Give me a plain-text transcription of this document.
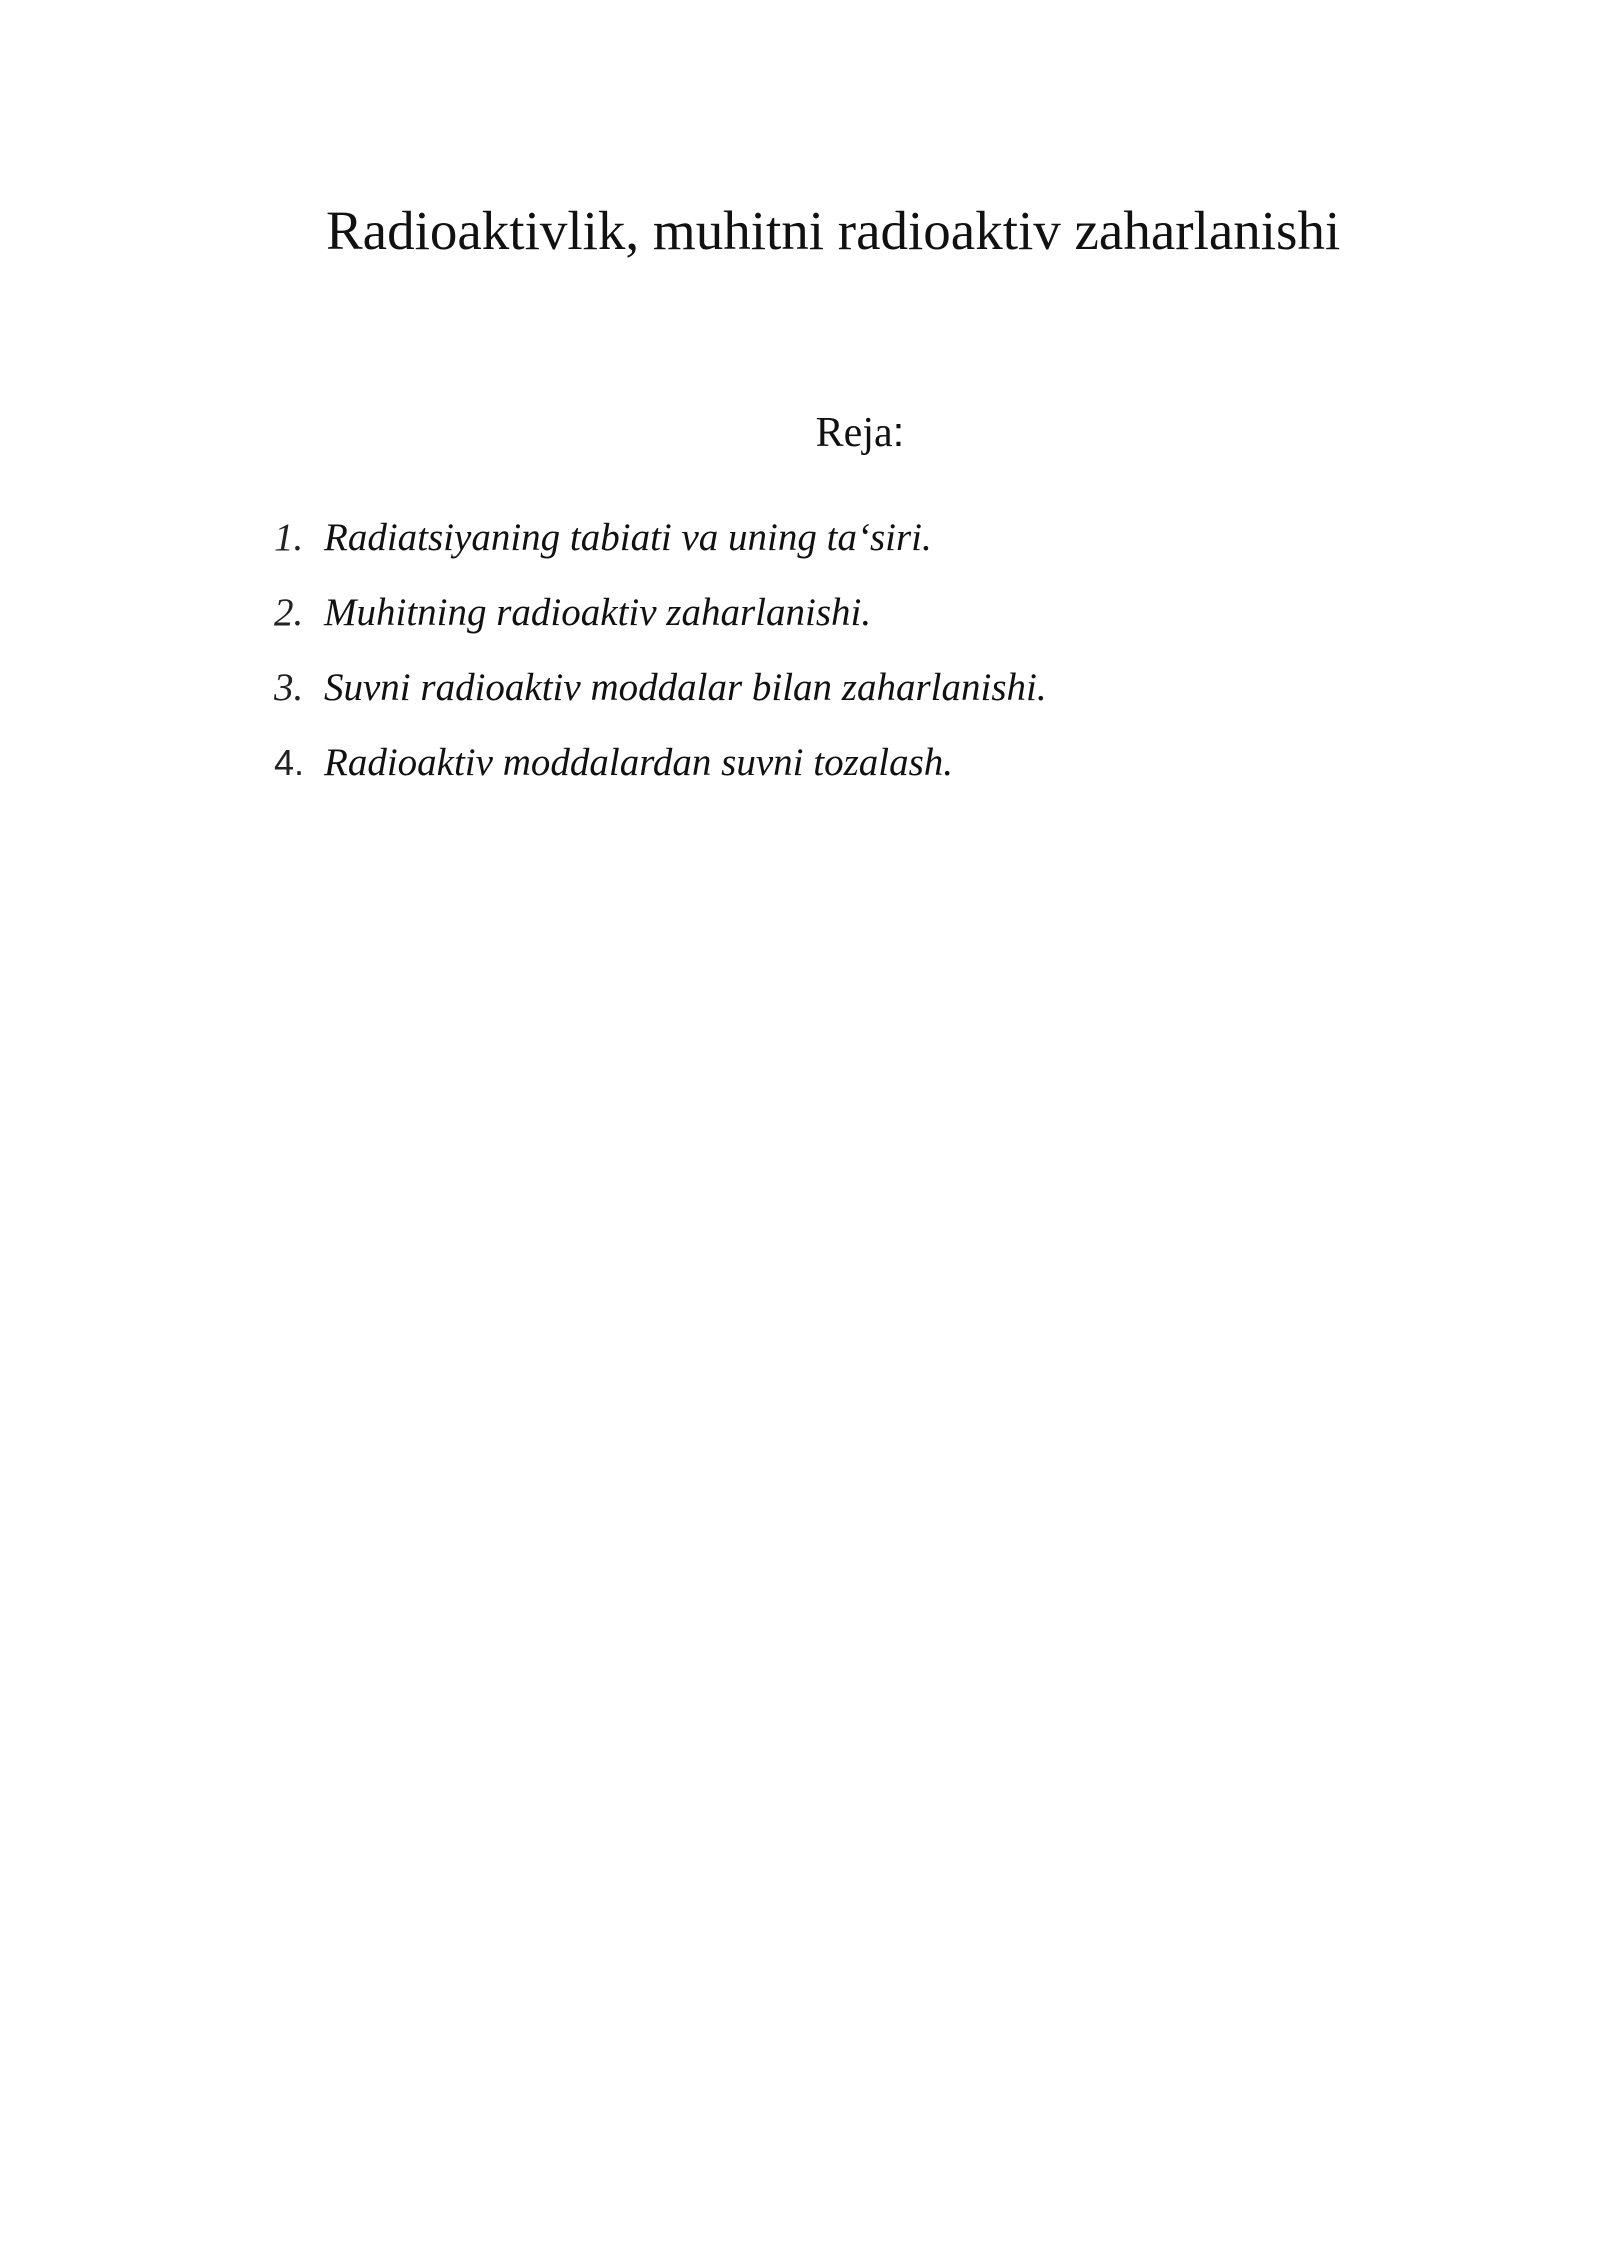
Radioaktivlik, muhitni radioaktiv zaharlanishi
Reja:
1. Radiatsiyaning tabiati va uning ta‘siri.
2. Muhitning radioaktiv zaharlanishi.
3. Suvni radioaktiv moddalar bilan zaharlanishi.
4. Radioaktiv moddalardan suvni tozalash.
